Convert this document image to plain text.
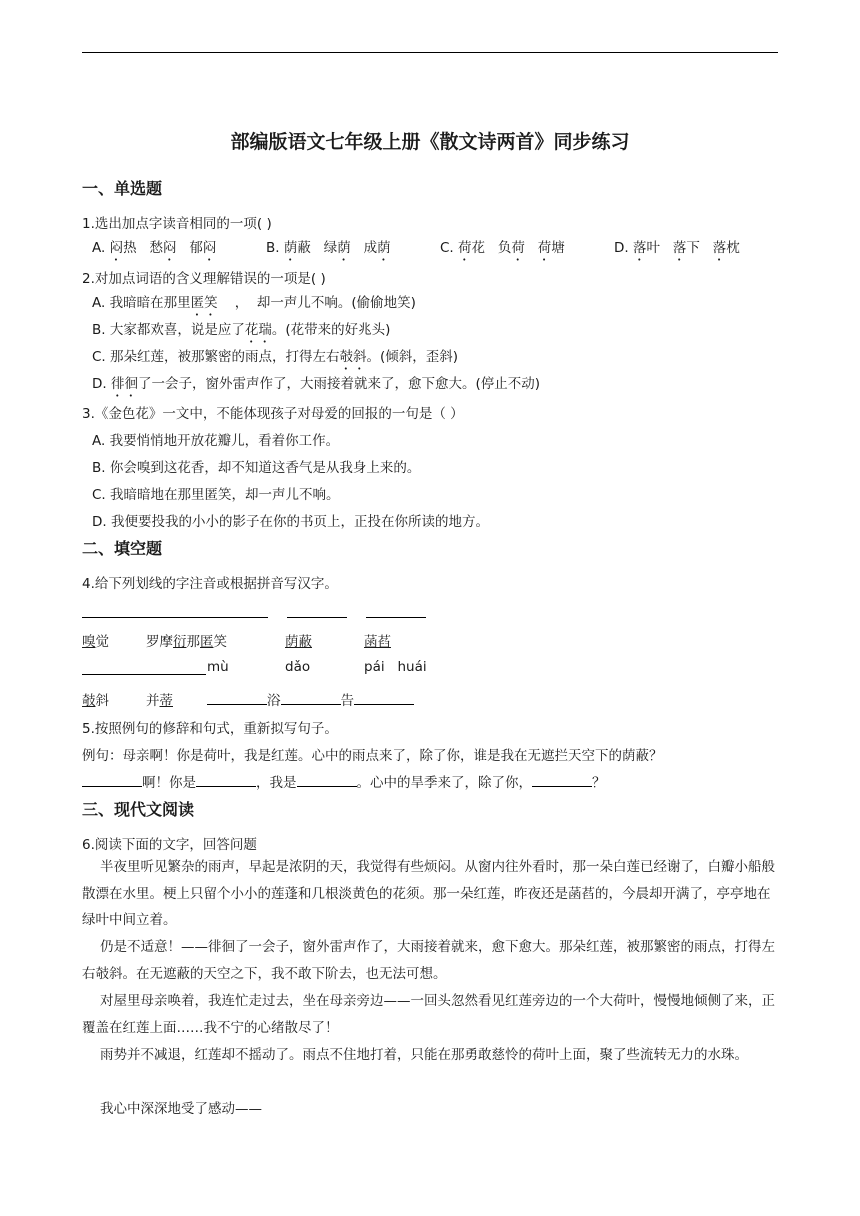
部编版语文七年级上册《散文诗两首》同步练习
一、单选题
1.选出加点字读音相同的一项( )
A. 闷热 愁闷 郁闷	B. 荫蔽 绿荫 成荫	C. 荷花 负荷 荷塘	D. 落叶 落下 落枕
2.对加点词语的含义理解错误的一项是( )
A. 我暗暗在那里匿笑    ，  却一声儿不响。(偷偷地笑)
B. 大家都欢喜，说是应了花瑞。(花带来的好兆头)
C. 那朵红莲，被那繁密的雨点，打得左右攲斜。(倾斜，歪斜)
D. 徘徊了一会子，窗外雷声作了，大雨接着就来了，愈下愈大。(停止不动)
3.《金色花》一文中，不能体现孩子对母爱的回报的一句是（ ）
A. 我要悄悄地开放花瓣儿，看着你工作。
B. 你会嗅到这花香，却不知道这香气是从我身上来的。
C. 我暗暗地在那里匿笑，却一声儿不响。
D. 我便要投我的小小的影子在你的书页上，正投在你所读的地方。
二、填空题
4.给下列划线的字注音或根据拼音写汉字。

嗅觉	罗摩衍那匿笑	荫蔽	菡萏
mù	dǎo	pái   huái
攲斜	并蒂	浴	告
5.按照例句的修辞和句式，重新拟写句子。
例句：母亲啊！你是荷叶，我是红莲。心中的雨点来了，除了你，谁是我在无遮拦天空下的荫蔽？
啊！你是	，我是	。心中的旱季来了，除了你，	？
三、现代文阅读
6.阅读下面的文字，回答问题
半夜里听见繁杂的雨声，早起是浓阴的天，我觉得有些烦闷。从窗内往外看时，那一朵白莲已经谢了，白瓣小船般散漂在水里。梗上只留个小小的莲蓬和几根淡黄色的花须。那一朵红莲，昨夜还是菡萏的，今晨却开满了，亭亭地在绿叶中间立着。
仍是不适意！——徘徊了一会子，窗外雷声作了，大雨接着就来，愈下愈大。那朵红莲，被那繁密的雨点，打得左右攲斜。在无遮蔽的天空之下，我不敢下阶去，也无法可想。
对屋里母亲唤着，我连忙走过去，坐在母亲旁边——一回头忽然看见红莲旁边的一个大荷叶，慢慢地倾侧了来，正覆盖在红莲上面……我不宁的心绪散尽了！
雨势并不减退，红莲却不摇动了。雨点不住地打着，只能在那勇敢慈怜的荷叶上面，聚了些流转无力的水珠。
我心中深深地受了感动——
